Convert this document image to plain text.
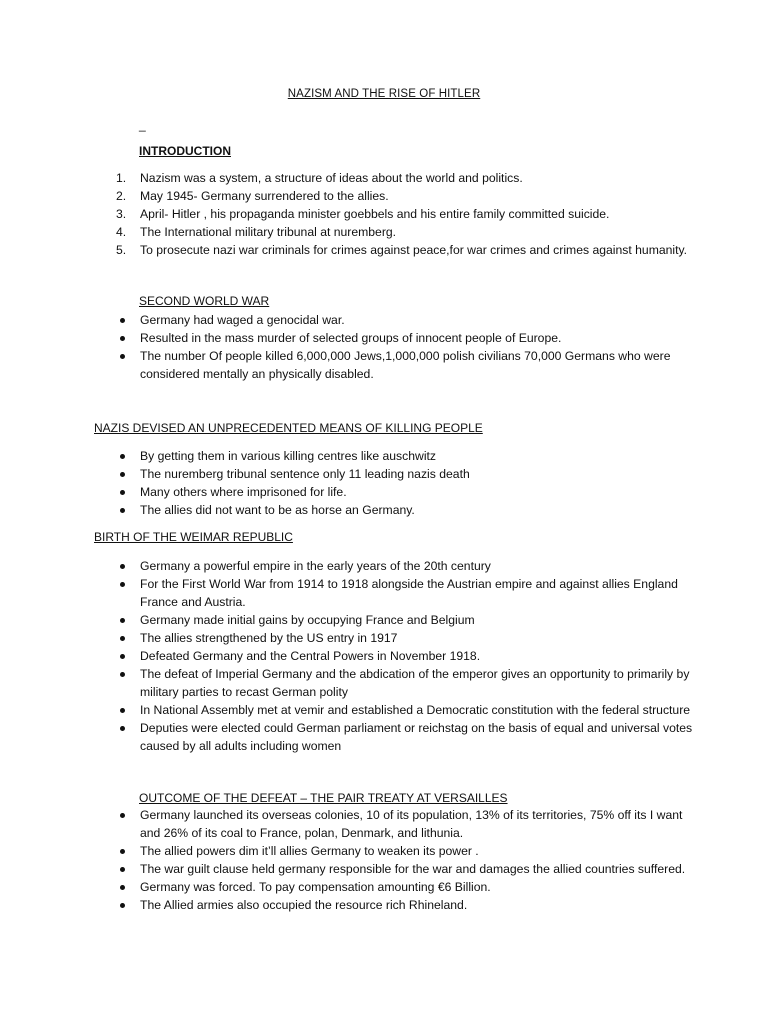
NAZISM AND THE RISE OF HITLER
_
INTRODUCTION
1. Nazism was a system, a structure of ideas about the world and politics.
2. May 1945- Germany surrendered to the allies.
3. April- Hitler , his propaganda minister goebbels and his entire family committed suicide.
4. The International military tribunal at nuremberg.
5. To prosecute nazi war criminals for crimes against peace,for war crimes and crimes against humanity.
SECOND WORLD WAR
Germany had waged a genocidal war.
Resulted in the mass murder of selected groups of innocent people of Europe.
The number Of people killed 6,000,000 Jews,1,000,000 polish civilians 70,000 Germans who were considered mentally an physically disabled.
NAZIS DEVISED AN UNPRECEDENTED MEANS OF KILLING PEOPLE
By getting them in various killing centres like auschwitz
The nuremberg tribunal sentence only 11 leading nazis death
Many others where imprisoned for life.
The allies did not want to be as horse an Germany.
BIRTH OF THE WEIMAR REPUBLIC
Germany a powerful empire in the early years of the 20th century
For the First World War from 1914 to 1918 alongside the Austrian empire and against allies England France and Austria.
Germany made initial gains by occupying France and Belgium
The allies strengthened by the US entry in 1917
Defeated Germany and the Central Powers in November 1918.
The defeat of Imperial Germany and the abdication of the emperor gives an opportunity to primarily by military parties to recast German polity
In National Assembly met at vemir and established a Democratic constitution with the federal structure
Deputies were elected could German parliament or reichstag on the basis of equal and universal votes caused by all adults including women
OUTCOME OF THE DEFEAT – THE PAIR TREATY AT VERSAILLES
Germany launched its overseas colonies, 10 of its population, 13% of its territories, 75% off its I want and 26% of its coal to France, polan, Denmark, and lithunia.
The allied powers dim it’ll allies Germany to weaken its power .
The war guilt clause held germany responsible for the war and damages the allied countries suffered.
Germany was forced. To pay compensation amounting €6 Billion.
The Allied armies also occupied the resource rich Rhineland.
